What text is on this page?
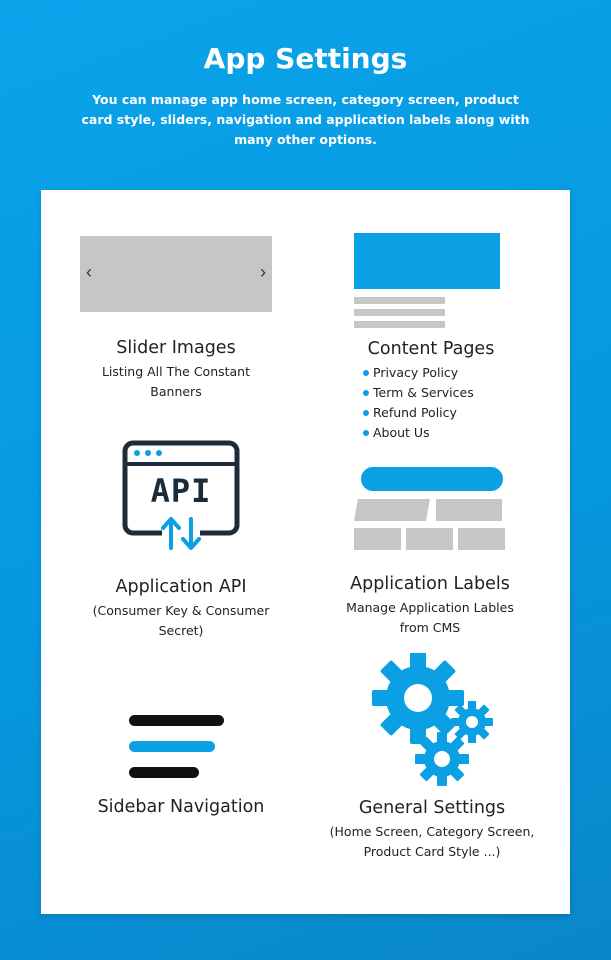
App Settings
You can manage app home screen, category screen, product card style, sliders, navigation and application labels along with many other options.
‹	›
Slider Images
Listing All The Constant Banners
Content Pages
Privacy Policy
Term & Services
Refund Policy
About Us
API
Application API
(Consumer Key & Consumer Secret)
Application Labels
Manage Application Lables from CMS
Sidebar Navigation	General Settings
(Home Screen, Category Screen, Product Card Style ...)
